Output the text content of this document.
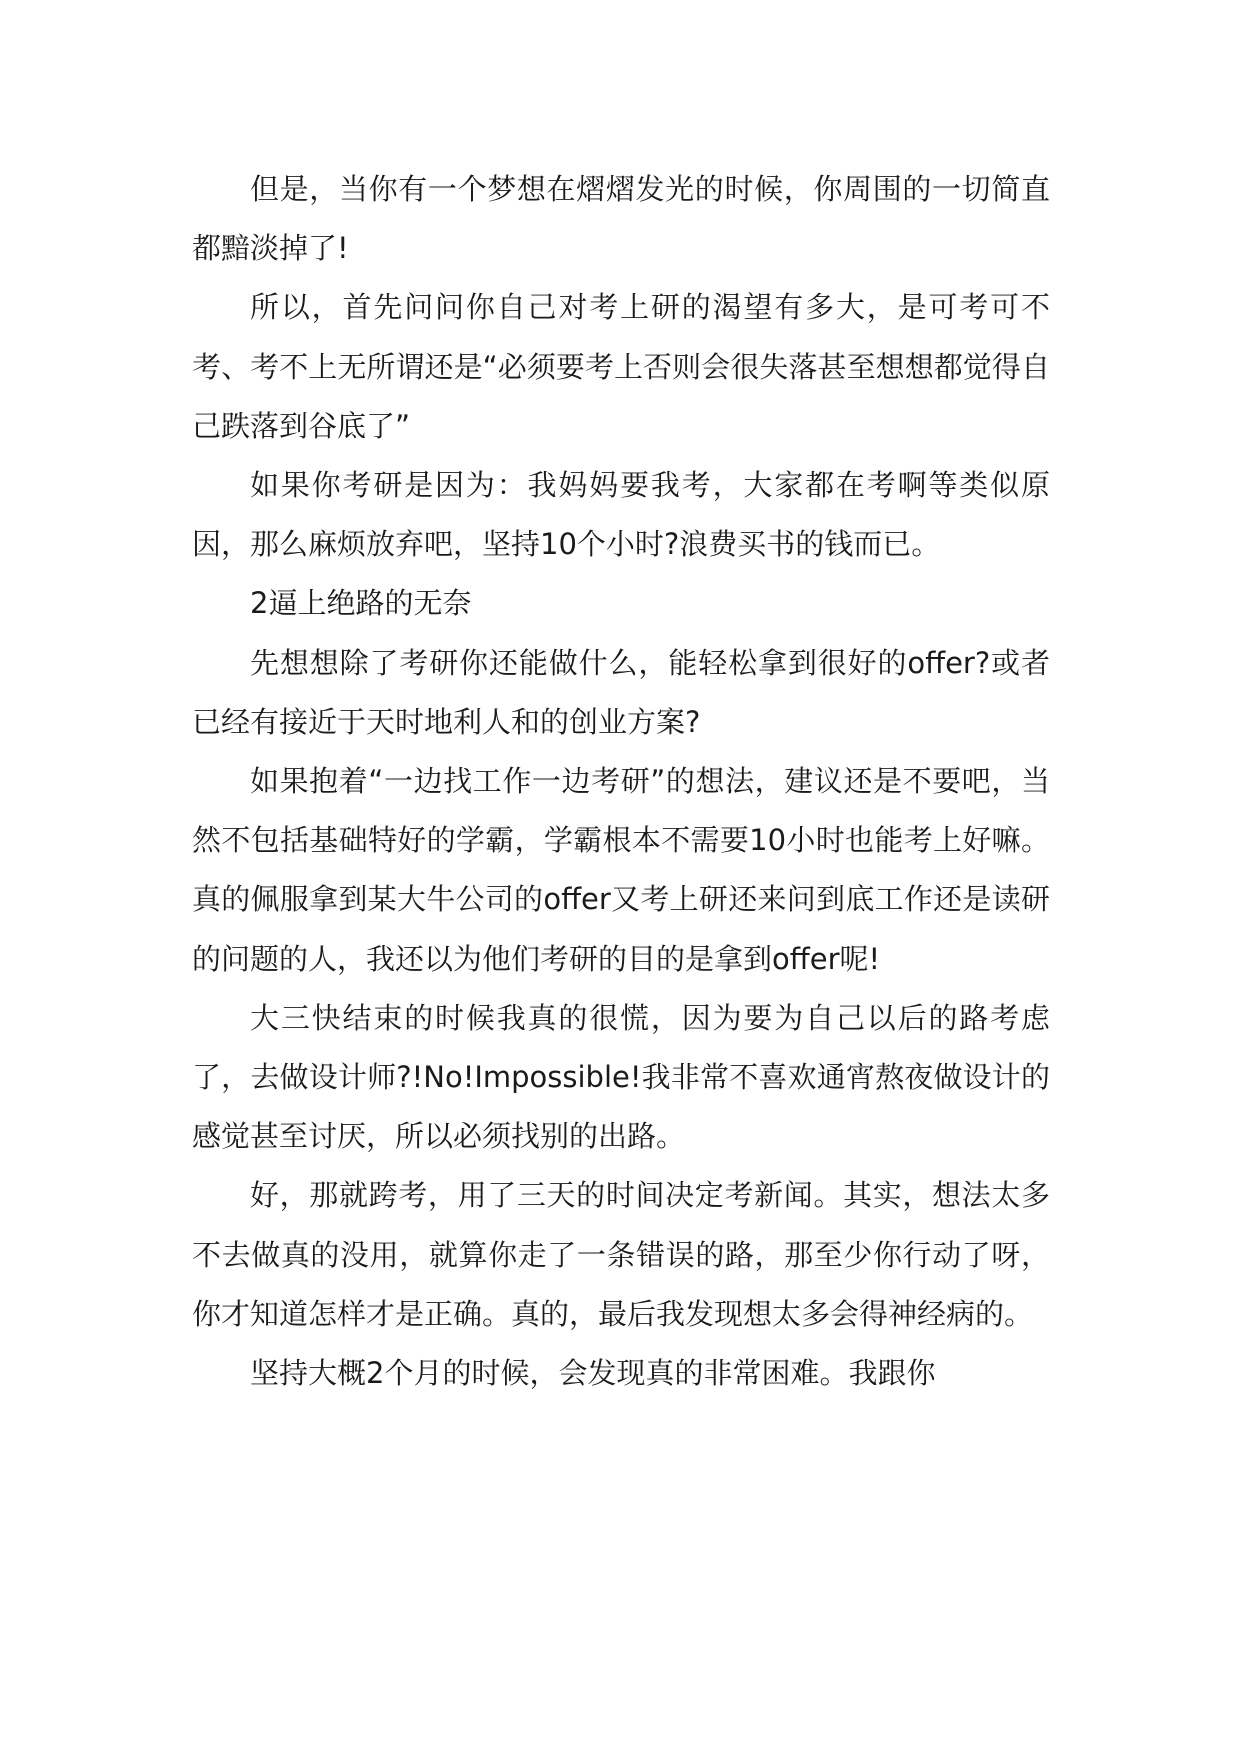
但是，当你有一个梦想在熠熠发光的时候，你周围的一切简直都黯淡掉了!

所以，首先问问你自己对考上研的渴望有多大，是可考可不考、考不上无所谓还是“必须要考上否则会很失落甚至想想都觉得自己跌落到谷底了”

如果你考研是因为：我妈妈要我考，大家都在考啊等类似原因，那么麻烦放弃吧，坚持10个小时?浪费买书的钱而已。

2逼上绝路的无奈

先想想除了考研你还能做什么，能轻松拿到很好的offer?或者已经有接近于天时地利人和的创业方案?

如果抱着“一边找工作一边考研”的想法，建议还是不要吧，当然不包括基础特好的学霸，学霸根本不需要10小时也能考上好嘛。真的佩服拿到某大牛公司的offer又考上研还来问到底工作还是读研的问题的人，我还以为他们考研的目的是拿到offer呢!

大三快结束的时候我真的很慌，因为要为自己以后的路考虑了，去做设计师?!No!Impossible!我非常不喜欢通宵熬夜做设计的感觉甚至讨厌，所以必须找别的出路。

好，那就跨考，用了三天的时间决定考新闻。其实，想法太多不去做真的没用，就算你走了一条错误的路，那至少你行动了呀，你才知道怎样才是正确。真的，最后我发现想太多会得神经病的。

坚持大概2个月的时候，会发现真的非常困难。我跟你
